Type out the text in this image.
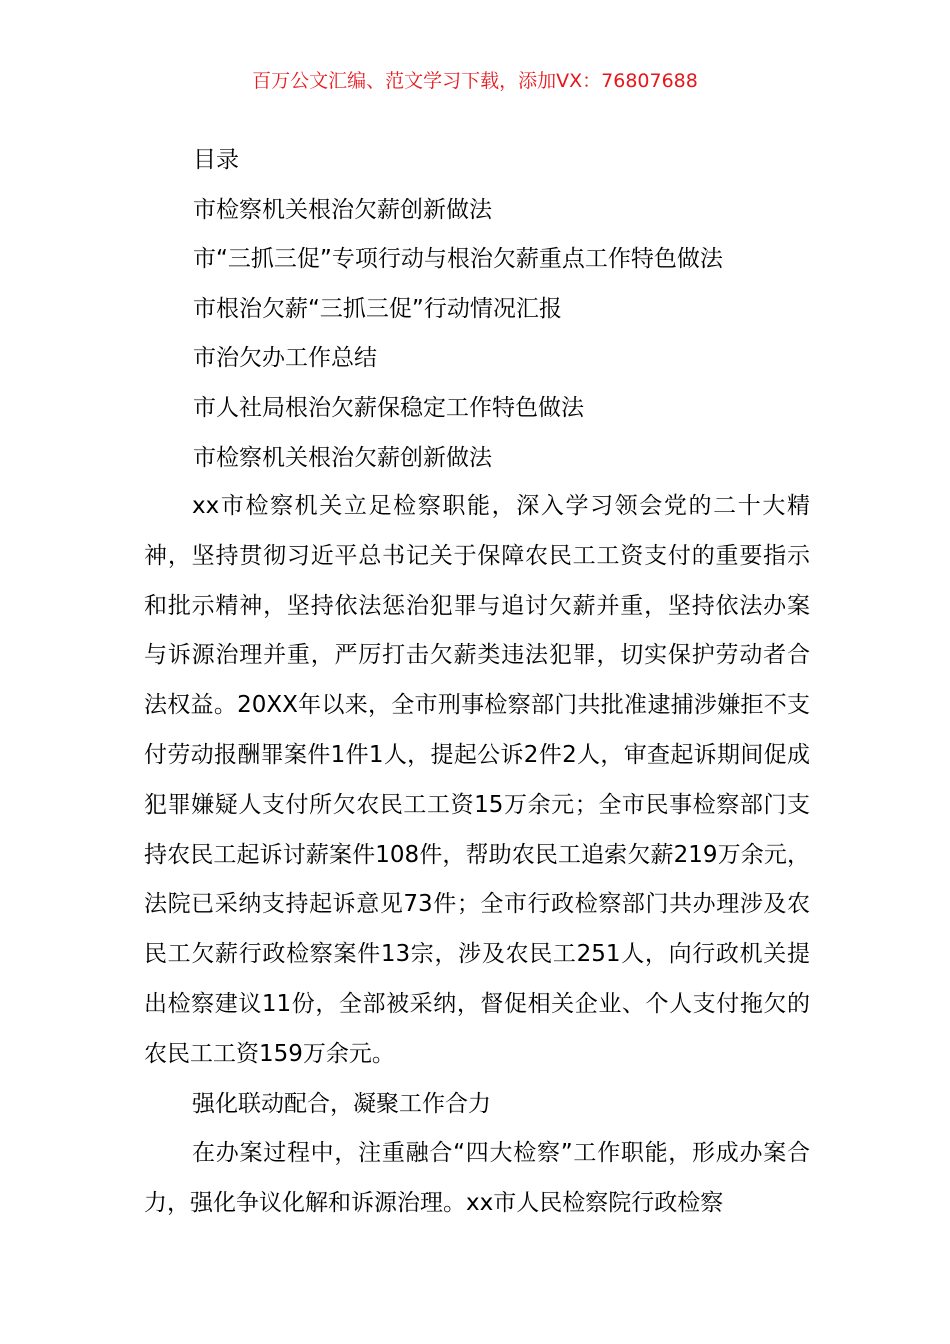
百万公文汇编、范文学习下载，添加VX：76807688
目录
市检察机关根治欠薪创新做法
市“三抓三促”专项行动与根治欠薪重点工作特色做法
市根治欠薪“三抓三促”行动情况汇报
市治欠办工作总结
市人社局根治欠薪保稳定工作特色做法
市检察机关根治欠薪创新做法

xx市检察机关立足检察职能，深入学习领会党的二十大精神，坚持贯彻习近平总书记关于保障农民工工资支付的重要指示和批示精神，坚持依法惩治犯罪与追讨欠薪并重，坚持依法办案与诉源治理并重，严厉打击欠薪类违法犯罪，切实保护劳动者合法权益。20XX年以来，全市刑事检察部门共批准逮捕涉嫌拒不支付劳动报酬罪案件1件1人，提起公诉2件2人，审查起诉期间促成犯罪嫌疑人支付所欠农民工工资15万余元；全市民事检察部门支持农民工起诉讨薪案件108件，帮助农民工追索欠薪219万余元，法院已采纳支持起诉意见73件；全市行政检察部门共办理涉及农民工欠薪行政检察案件13宗，涉及农民工251人，向行政机关提出检察建议11份，全部被采纳，督促相关企业、个人支付拖欠的农民工工资159万余元。

强化联动配合，凝聚工作合力

在办案过程中，注重融合“四大检察”工作职能，形成办案合力，强化争议化解和诉源治理。xx市人民检察院行政检察
